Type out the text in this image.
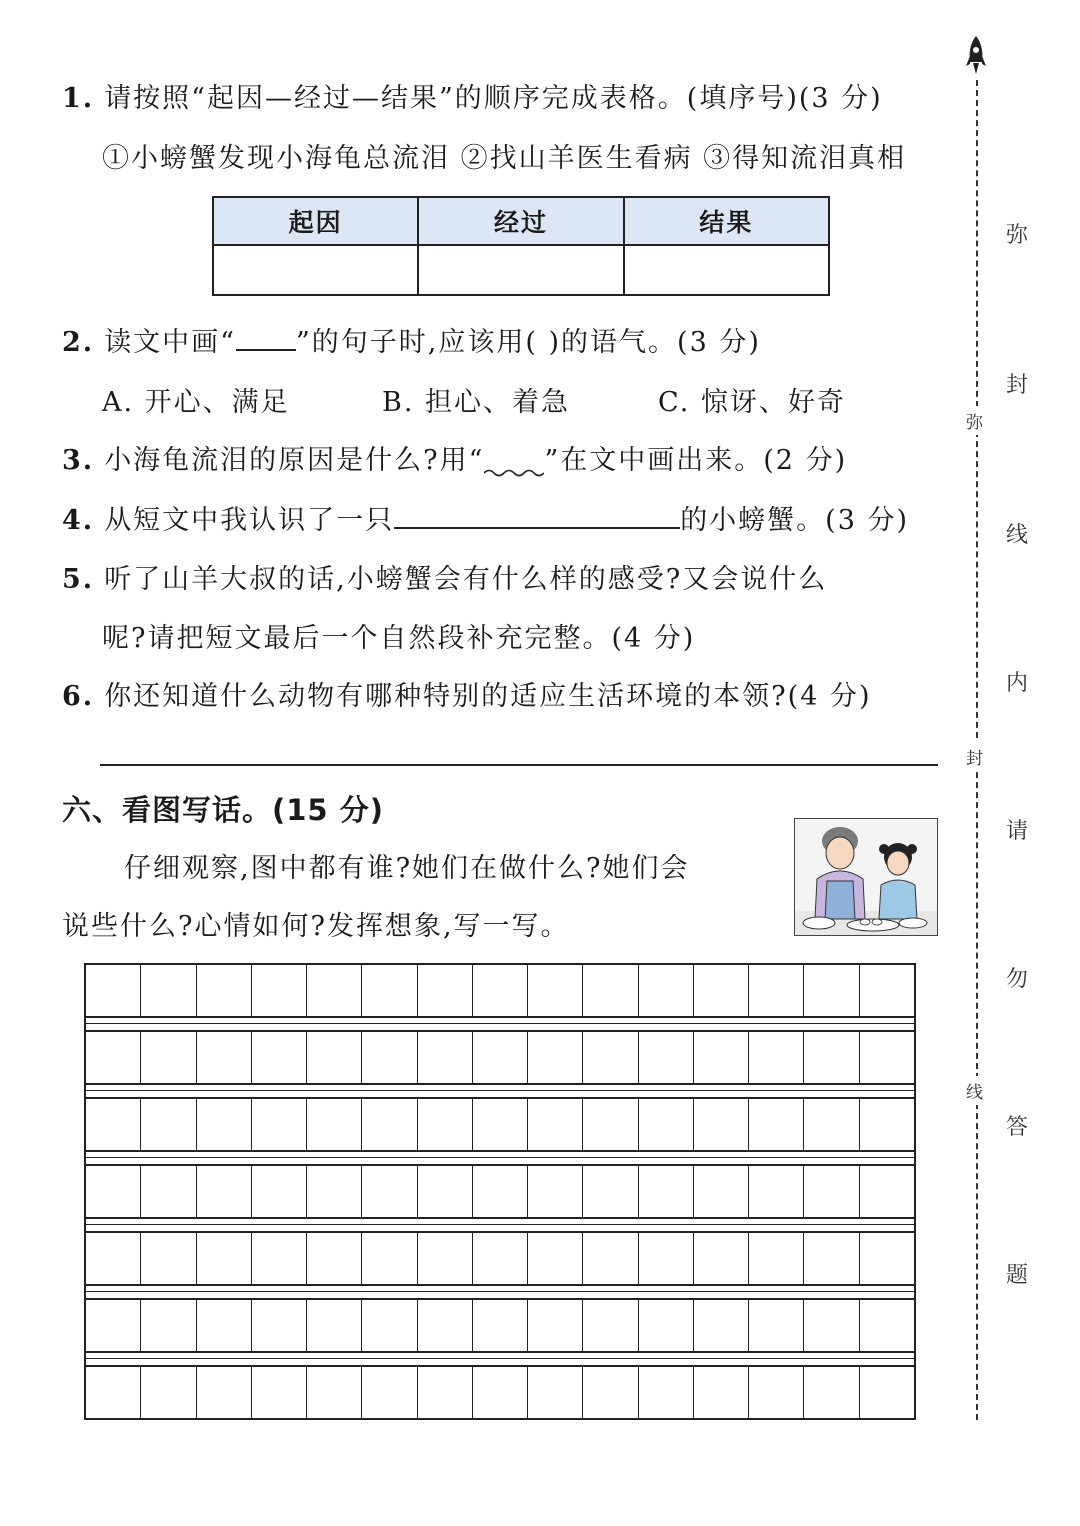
1. 请按照“起因—经过—结果”的顺序完成表格。(填序号)(3 分)
①小螃蟹发现小海龟总流泪 ②找山羊医生看病 ③得知流泪真相
起因	经过	结果

2. 读文中画“ ”的句子时,应该用( )的语气。(3 分)
A. 开心、满足	B. 担心、着急	C. 惊讶、好奇
3. 小海龟流泪的原因是什么?用“ ”在文中画出来。(2 分)
4. 从短文中我认识了一只	的小螃蟹。(3 分)
5. 听了山羊大叔的话,小螃蟹会有什么样的感受?又会说什么
呢?请把短文最后一个自然段补充完整。(4 分)
6. 你还知道什么动物有哪种特别的适应生活环境的本领?(4 分)
六、看图写话。(15 分)
仔细观察,图中都有谁?她们在做什么?她们会
说些什么?心情如何?发挥想象,写一写。
弥
封
线
内
请
勿
答
题
弥
封
线
